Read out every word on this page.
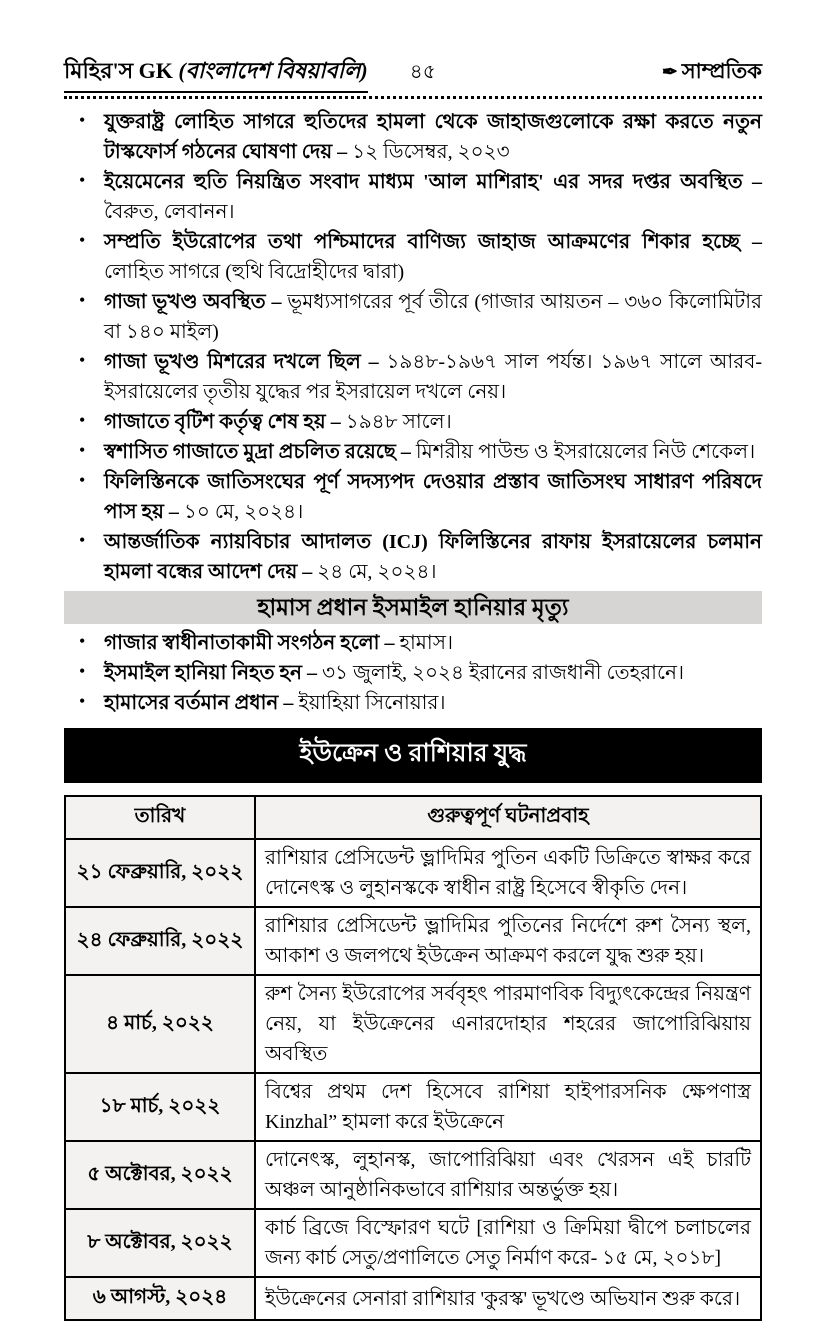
মিহির'স GK (বাংলাদেশ বিষয়াবলি) ৪৫	✒ সাম্প্রতিক
• যুক্তরাষ্ট্র লোহিত সাগরে হুতিদের হামলা থেকে জাহাজগুলোকে রক্ষা করতে নতুন টাস্কফোর্স গঠনের ঘোষণা দেয় – ১২ ডিসেম্বর, ২০২৩
• ইয়েমেনের হুতি নিয়ন্ত্রিত সংবাদ মাধ্যম 'আল মাশিরাহ' এর সদর দপ্তর অবস্থিত – বৈরুত, লেবানন।
• সম্প্রতি ইউরোপের তথা পশ্চিমাদের বাণিজ্য জাহাজ আক্রমণের শিকার হচ্ছে – লোহিত সাগরে (হুথি বিদ্রোহীদের দ্বারা)
• গাজা ভূখণ্ড অবস্থিত – ভূমধ্যসাগরের পূর্ব তীরে (গাজার আয়তন – ৩৬০ কিলোমিটার বা ১৪০ মাইল)
• গাজা ভূখণ্ড মিশরের দখলে ছিল – ১৯৪৮-১৯৬৭ সাল পর্যন্ত। ১৯৬৭ সালে আরব-ইসরায়েলের তৃতীয় যুদ্ধের পর ইসরায়েল দখলে নেয়।
• গাজাতে বৃটিশ কর্তৃত্ব শেষ হয় – ১৯৪৮ সালে।
• স্বশাসিত গাজাতে মুদ্রা প্রচলিত রয়েছে – মিশরীয় পাউন্ড ও ইসরায়েলের নিউ শেকেল।
• ফিলিস্তিনকে জাতিসংঘের পূর্ণ সদস্যপদ দেওয়ার প্রস্তাব জাতিসংঘ সাধারণ পরিষদে পাস হয় – ১০ মে, ২০২৪।
• আন্তর্জাতিক ন্যায়বিচার আদালত (ICJ) ফিলিস্তিনের রাফায় ইসরায়েলের চলমান হামলা বন্ধের আদেশ দেয় – ২৪ মে, ২০২৪।
হামাস প্রধান ইসমাইল হানিয়ার মৃত্যু
• গাজার স্বাধীনাতাকামী সংগঠন হলো – হামাস।
• ইসমাইল হানিয়া নিহত হন – ৩১ জুলাই, ২০২৪ ইরানের রাজধানী তেহরানে।
• হামাসের বর্তমান প্রধান – ইয়াহিয়া সিনোয়ার।
ইউক্রেন ও রাশিয়ার যুদ্ধ
তারিখ	গুরুত্বপূর্ণ ঘটনাপ্রবাহ
২১ ফেব্রুয়ারি, ২০২২	রাশিয়ার প্রেসিডেন্ট ভ্লাদিমির পুতিন একটি ডিক্রিতে স্বাক্ষর করে দোনেৎস্ক ও লুহানস্ককে স্বাধীন রাষ্ট্র হিসেবে স্বীকৃতি দেন।
২৪ ফেব্রুয়ারি, ২০২২	রাশিয়ার প্রেসিডেন্ট ভ্লাদিমির পুতিনের নির্দেশে রুশ সৈন্য স্থল, আকাশ ও জলপথে ইউক্রেন আক্রমণ করলে যুদ্ধ শুরু হয়।
৪ মার্চ, ২০২২	রুশ সৈন্য ইউরোপের সর্ববৃহৎ পারমাণবিক বিদ্যুৎকেন্দ্রের নিয়ন্ত্রণ নেয়, যা ইউক্রেনের এনারদোহার শহরের জাপোরিঝিয়ায় অবস্থিত
১৮ মার্চ, ২০২২	বিশ্বের প্রথম দেশ হিসেবে রাশিয়া হাইপারসনিক ক্ষেপণাস্ত্র Kinzhal” হামলা করে ইউক্রেনে
৫ অক্টোবর, ২০২২	দোনেৎস্ক, লুহানস্ক, জাপোরিঝিয়া এবং খেরসন এই চারটি অঞ্চল আনুষ্ঠানিকভাবে রাশিয়ার অন্তর্ভুক্ত হয়।
৮ অক্টোবর, ২০২২	কার্চ ব্রিজে বিস্ফোরণ ঘটে [রাশিয়া ও ক্রিমিয়া দ্বীপে চলাচলের জন্য কার্চ সেতু/প্রণালিতে সেতু নির্মাণ করে- ১৫ মে, ২০১৮]
৬ আগস্ট, ২০২৪	ইউক্রেনের সেনারা রাশিয়ার 'কুরস্ক' ভূখণ্ডে অভিযান শুরু করে।
